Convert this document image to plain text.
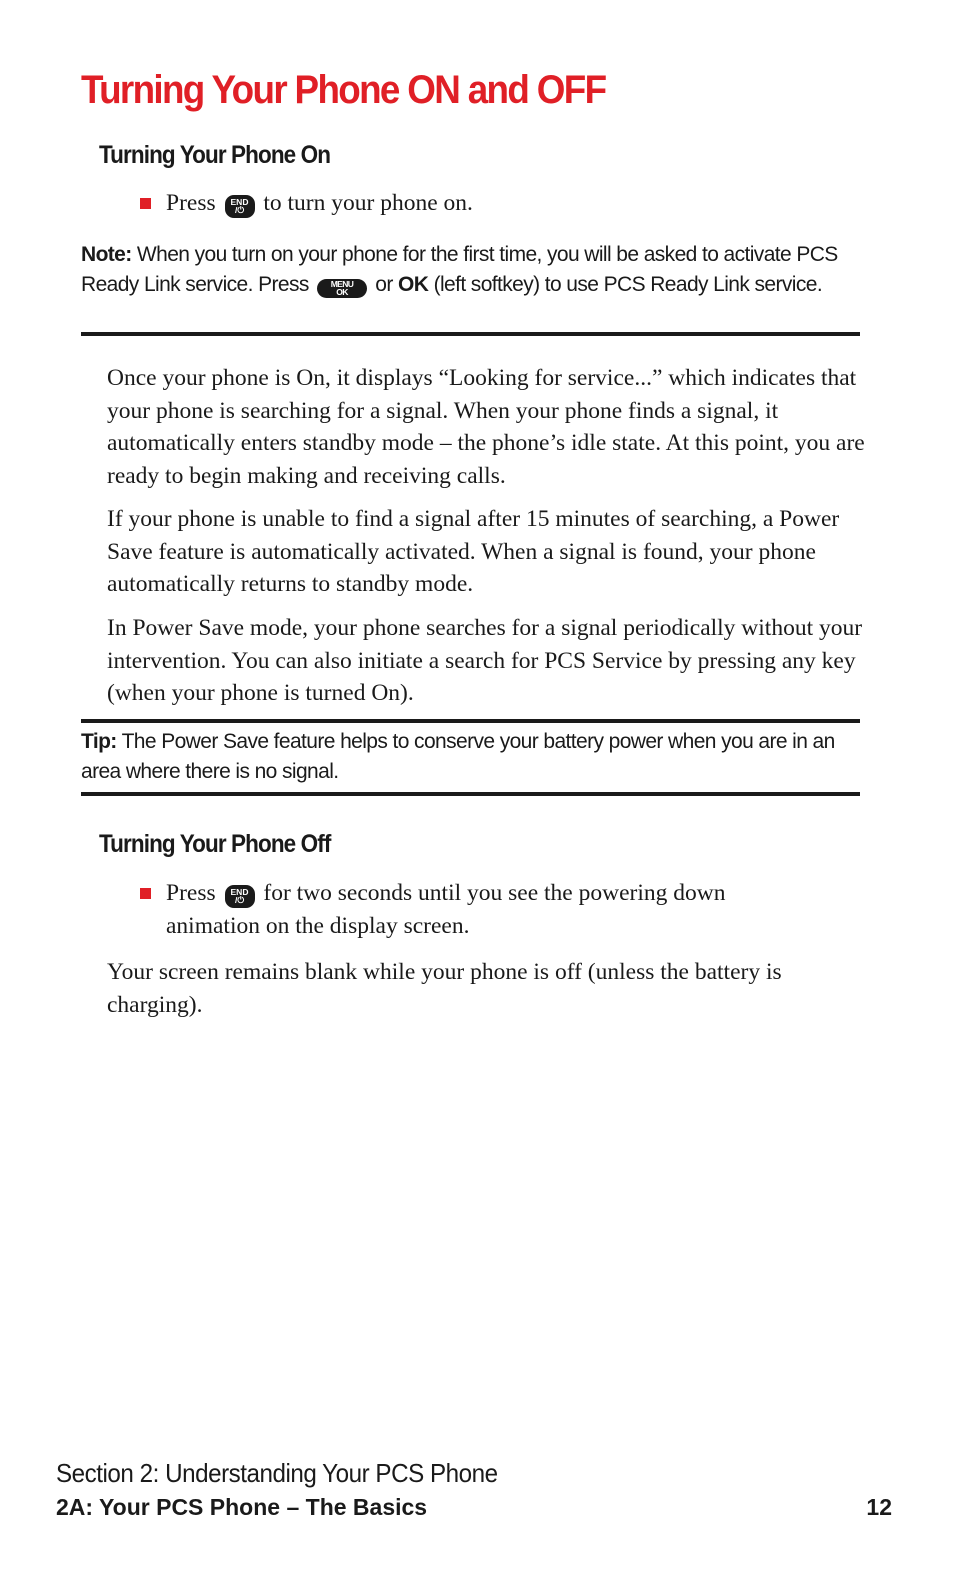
Turning Your Phone ON and OFF
Turning Your Phone On
Press	END
/⏻ to turn your phone on.
Note: When you turn on your phone for the first time, you will be asked to activate PCS Ready Link service. Press	MENU
OK	or OK (left softkey) to use PCS Ready Link service.
Once your phone is On, it displays “Looking for service...” which indicates that your phone is searching for a signal. When your phone finds a signal, it automatically enters standby mode – the phone’s idle state. At this point, you are ready to begin making and receiving calls.
If your phone is unable to find a signal after 15 minutes of searching, a Power Save feature is automatically activated. When a signal is found, your phone automatically returns to standby mode.
In Power Save mode, your phone searches for a signal periodically without your intervention. You can also initiate a search for PCS Service by pressing any key (when your phone is turned On).
Tip: The Power Save feature helps to conserve your battery power when you are in an area where there is no signal.
Turning Your Phone Off
Press	END
/⏻ for two seconds until you see the powering down animation on the display screen.
Your screen remains blank while your phone is off (unless the battery is charging).
Section 2: Understanding Your PCS Phone
2A: Your PCS Phone – The Basics	12
